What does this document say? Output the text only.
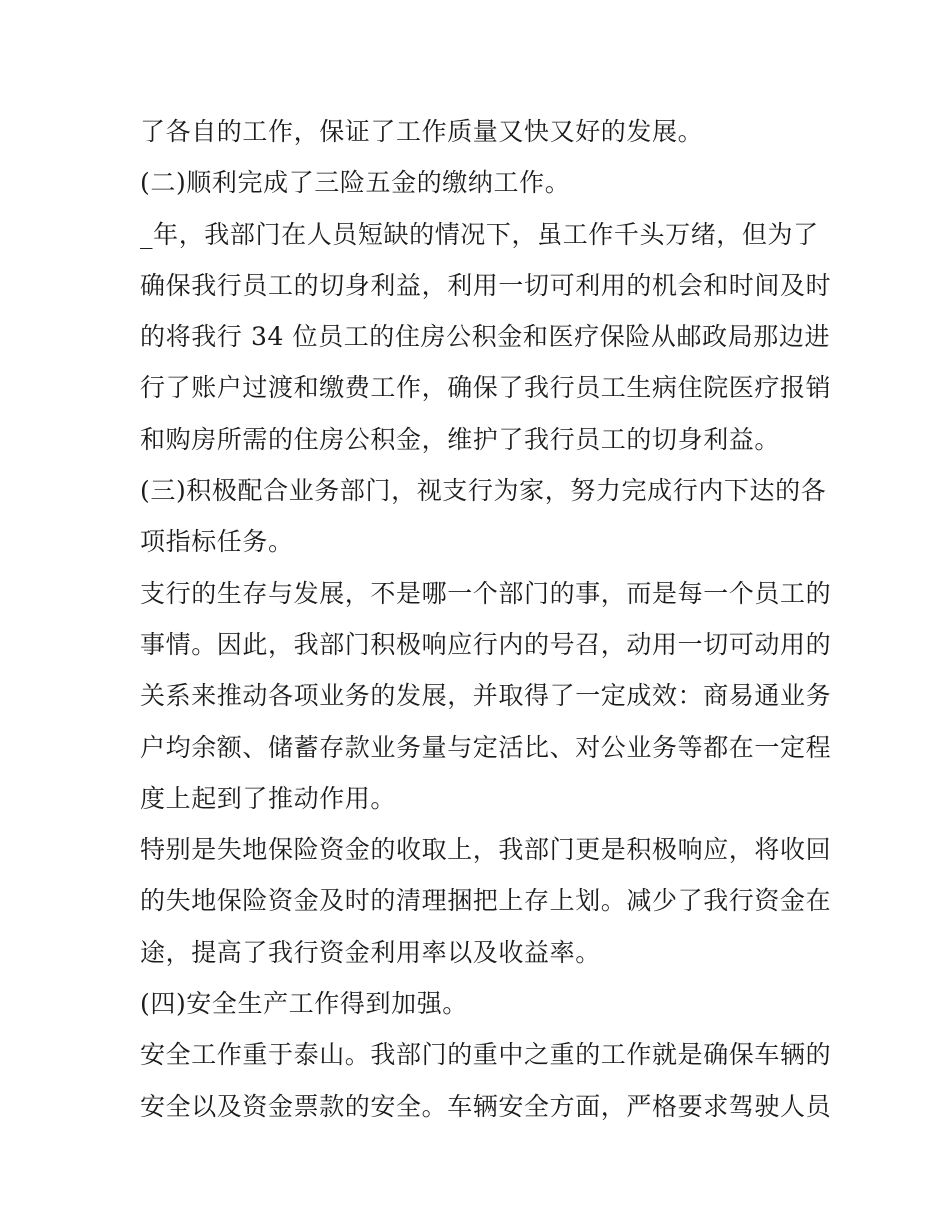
了各自的工作，保证了工作质量又快又好的发展。
(二)顺利完成了三险五金的缴纳工作。
_年，我部门在人员短缺的情况下，虽工作千头万绪，但为了
确保我行员工的切身利益，利用一切可利用的机会和时间及时
的将我行 34 位员工的住房公积金和医疗保险从邮政局那边进
行了账户过渡和缴费工作，确保了我行员工生病住院医疗报销
和购房所需的住房公积金，维护了我行员工的切身利益。
(三)积极配合业务部门，视支行为家，努力完成行内下达的各
项指标任务。
支行的生存与发展，不是哪一个部门的事，而是每一个员工的
事情。因此，我部门积极响应行内的号召，动用一切可动用的
关系来推动各项业务的发展，并取得了一定成效：商易通业务
户均余额、储蓄存款业务量与定活比、对公业务等都在一定程
度上起到了推动作用。
特别是失地保险资金的收取上，我部门更是积极响应，将收回
的失地保险资金及时的清理捆把上存上划。减少了我行资金在
途，提高了我行资金利用率以及收益率。
(四)安全生产工作得到加强。
安全工作重于泰山。我部门的重中之重的工作就是确保车辆的
安全以及资金票款的安全。车辆安全方面，严格要求驾驶人员
